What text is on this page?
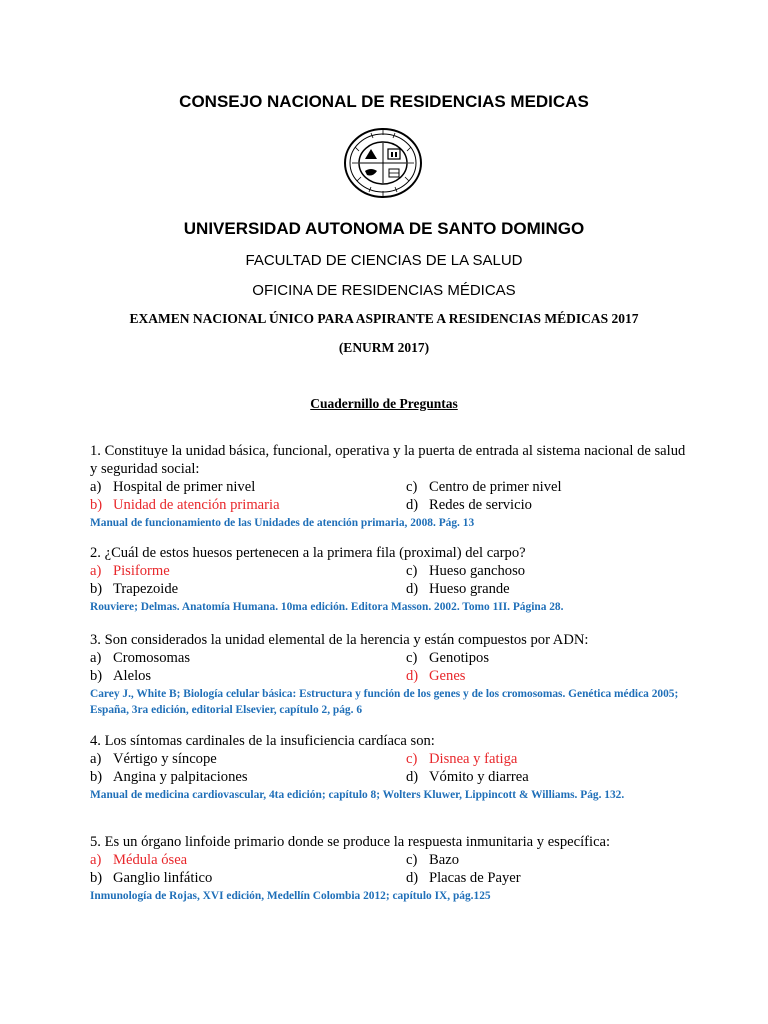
CONSEJO NACIONAL DE RESIDENCIAS MEDICAS
UNIVERSIDAD AUTONOMA DE SANTO DOMINGO
FACULTAD DE CIENCIAS DE LA SALUD
OFICINA DE RESIDENCIAS MÉDICAS
EXAMEN NACIONAL ÚNICO PARA ASPIRANTE A RESIDENCIAS MÉDICAS 2017
(ENURM 2017)
Cuadernillo de Preguntas

1. Constituye la unidad básica, funcional, operativa y la puerta de entrada al sistema nacional de salud y seguridad social:

a) Hospital de primer nivel	c) Centro de primer nivel
b) Unidad de atención primaria	d) Redes de servicio
Manual de funcionamiento de las Unidades de atención primaria, 2008. Pág. 13

2. ¿Cuál de estos huesos pertenecen a la primera fila (proximal) del carpo?

a) Pisiforme	c) Hueso ganchoso
b) Trapezoide	d) Hueso grande
Rouviere; Delmas. Anatomía Humana. 10ma edición. Editora Masson. 2002. Tomo 1II. Página 28.

3. Son considerados la unidad elemental de la herencia y están compuestos por ADN:

a) Cromosomas	c) Genotipos
b) Alelos	d) Genes
Carey J., White B; Biología celular básica: Estructura y función de los genes y de los cromosomas. Genética médica 2005; España, 3ra edición, editorial Elsevier, capítulo 2, pág. 6

4. Los síntomas cardinales de la insuficiencia cardíaca son:

a) Vértigo y síncope	c) Disnea y fatiga
b) Angina y palpitaciones	d) Vómito y diarrea
Manual de medicina cardiovascular, 4ta edición; capítulo 8; Wolters Kluwer, Lippincott & Williams. Pág. 132.

5. Es un órgano linfoide primario donde se produce la respuesta inmunitaria y específica:

a) Médula ósea	c) Bazo
b) Ganglio linfático	d) Placas de Payer
Inmunología de Rojas, XVI edición, Medellín Colombia 2012; capítulo IX, pág.125
